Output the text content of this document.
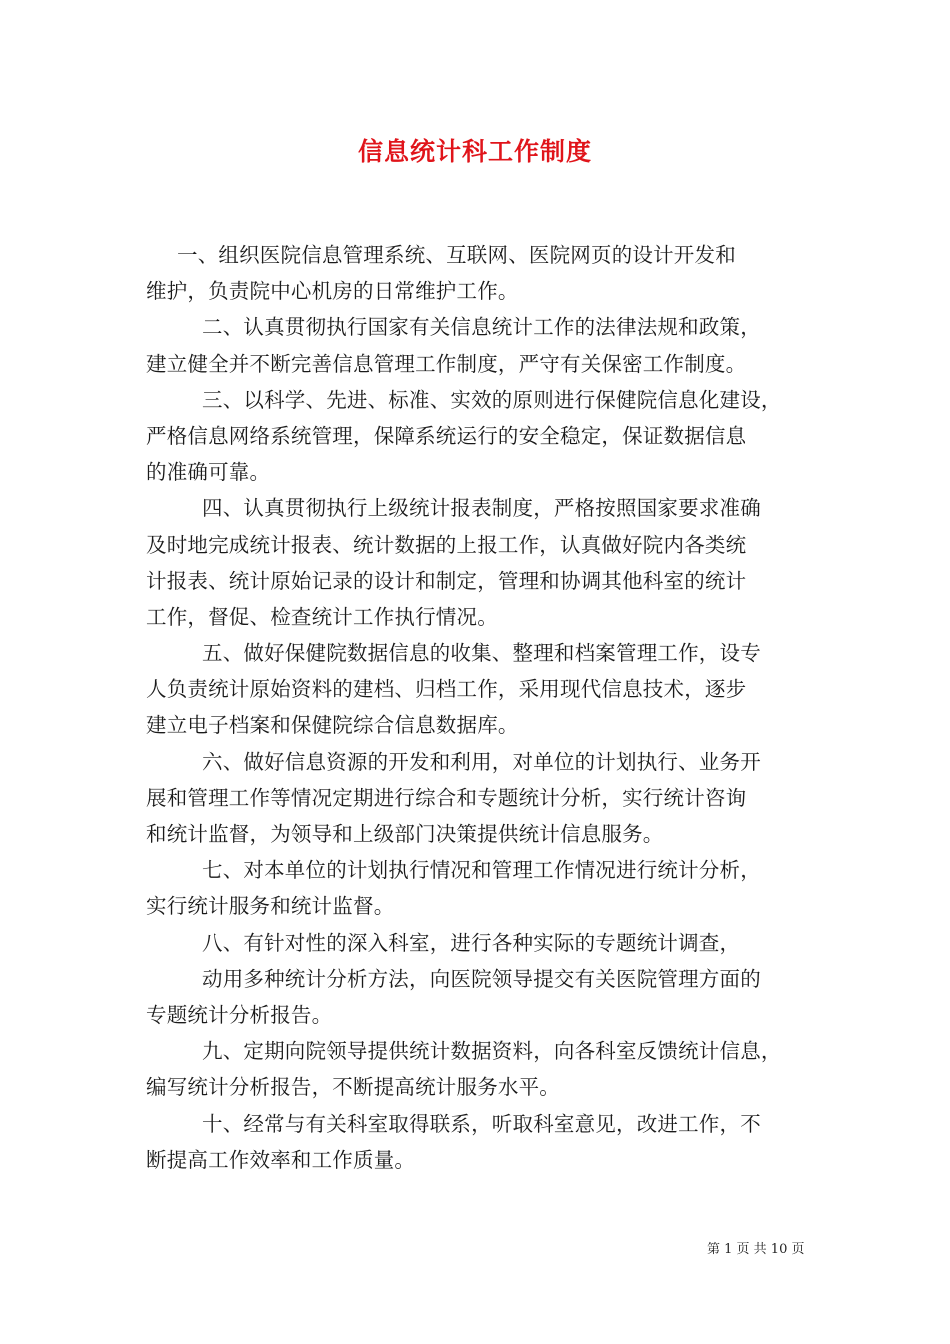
信息统计科工作制度
一、组织医院信息管理系统、互联网、医院网页的设计开发和
维护，负责院中心机房的日常维护工作。
二、认真贯彻执行国家有关信息统计工作的法律法规和政策，
建立健全并不断完善信息管理工作制度，严守有关保密工作制度。
三、以科学、先进、标准、实效的原则进行保健院信息化建设，
严格信息网络系统管理，保障系统运行的安全稳定，保证数据信息
的准确可靠。
四、认真贯彻执行上级统计报表制度，严格按照国家要求准确
及时地完成统计报表、统计数据的上报工作，认真做好院内各类统
计报表、统计原始记录的设计和制定，管理和协调其他科室的统计
工作，督促、检查统计工作执行情况。
五、做好保健院数据信息的收集、整理和档案管理工作，设专
人负责统计原始资料的建档、归档工作，采用现代信息技术，逐步
建立电子档案和保健院综合信息数据库。
六、做好信息资源的开发和利用，对单位的计划执行、业务开
展和管理工作等情况定期进行综合和专题统计分析，实行统计咨询
和统计监督，为领导和上级部门决策提供统计信息服务。
七、对本单位的计划执行情况和管理工作情况进行统计分析，
实行统计服务和统计监督。
八、有针对性的深入科室，进行各种实际的专题统计调查，
动用多种统计分析方法，向医院领导提交有关医院管理方面的
专题统计分析报告。
九、定期向院领导提供统计数据资料，向各科室反馈统计信息，
编写统计分析报告，不断提高统计服务水平。
十、经常与有关科室取得联系，听取科室意见，改进工作，不
断提高工作效率和工作质量。
第 1 页 共 10 页
